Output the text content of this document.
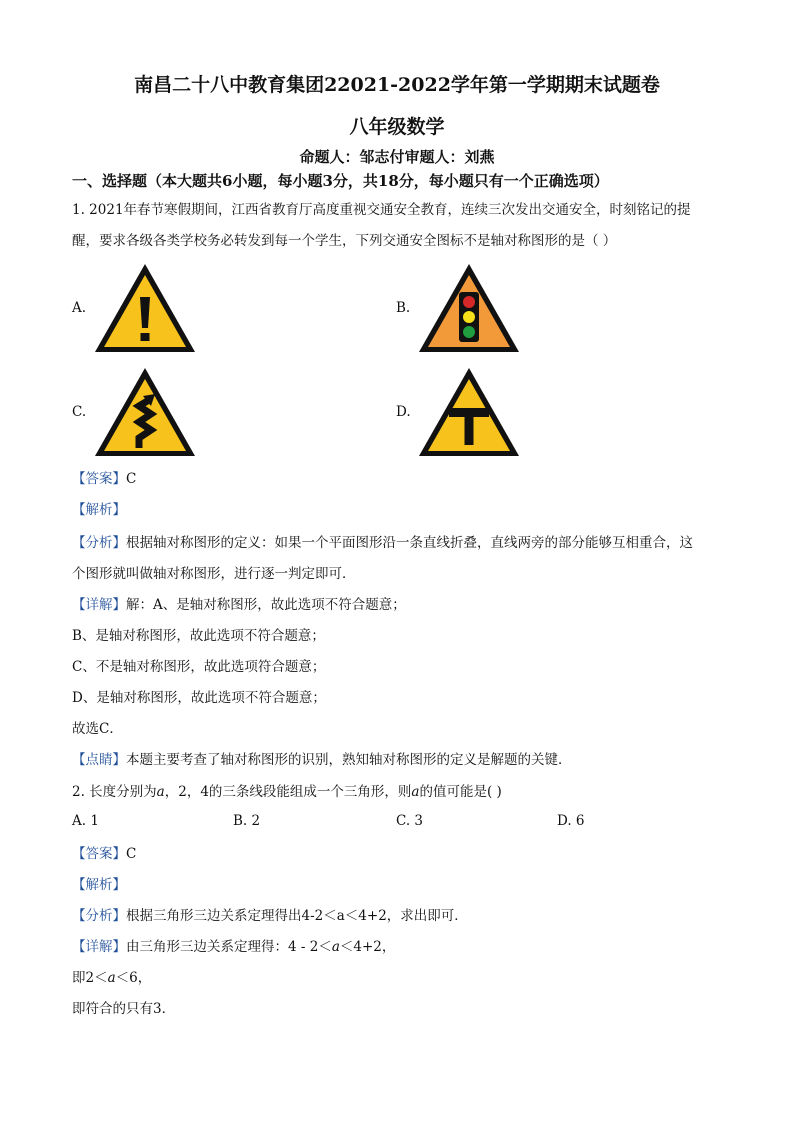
南昌二十八中教育集团22021-2022学年第一学期期末试题卷
八年级数学
命题人：邹志付审题人：刘燕
一、选择题（本大题共6小题，每小题3分，共18分，每小题只有一个正确选项）
1. 2021年春节寒假期间，江西省教育厅高度重视交通安全教育，连续三次发出交通安全，时刻铭记的提
醒，要求各级各类学校务必转发到每一个学生，下列交通安全图标不是轴对称图形的是（ ）
A.	B.
C.	D.
【答案】C
【解析】
【分析】根据轴对称图形的定义：如果一个平面图形沿一条直线折叠，直线两旁的部分能够互相重合，这
个图形就叫做轴对称图形，进行逐一判定即可．
【详解】解：A、是轴对称图形，故此选项不符合题意；
B、是轴对称图形，故此选项不符合题意；
C、不是轴对称图形，故此选项符合题意；
D、是轴对称图形，故此选项不符合题意；
故选C．
【点睛】本题主要考查了轴对称图形的识别，熟知轴对称图形的定义是解题的关键．
2. 长度分别为a，2，4的三条线段能组成一个三角形，则a的值可能是( )
A. 1	B. 2	C. 3	D. 6
【答案】C
【解析】
【分析】根据三角形三边关系定理得出4-2＜a＜4+2，求出即可．
【详解】由三角形三边关系定理得：4 - 2＜a＜4+2，
即2＜a＜6，
即符合的只有3．
